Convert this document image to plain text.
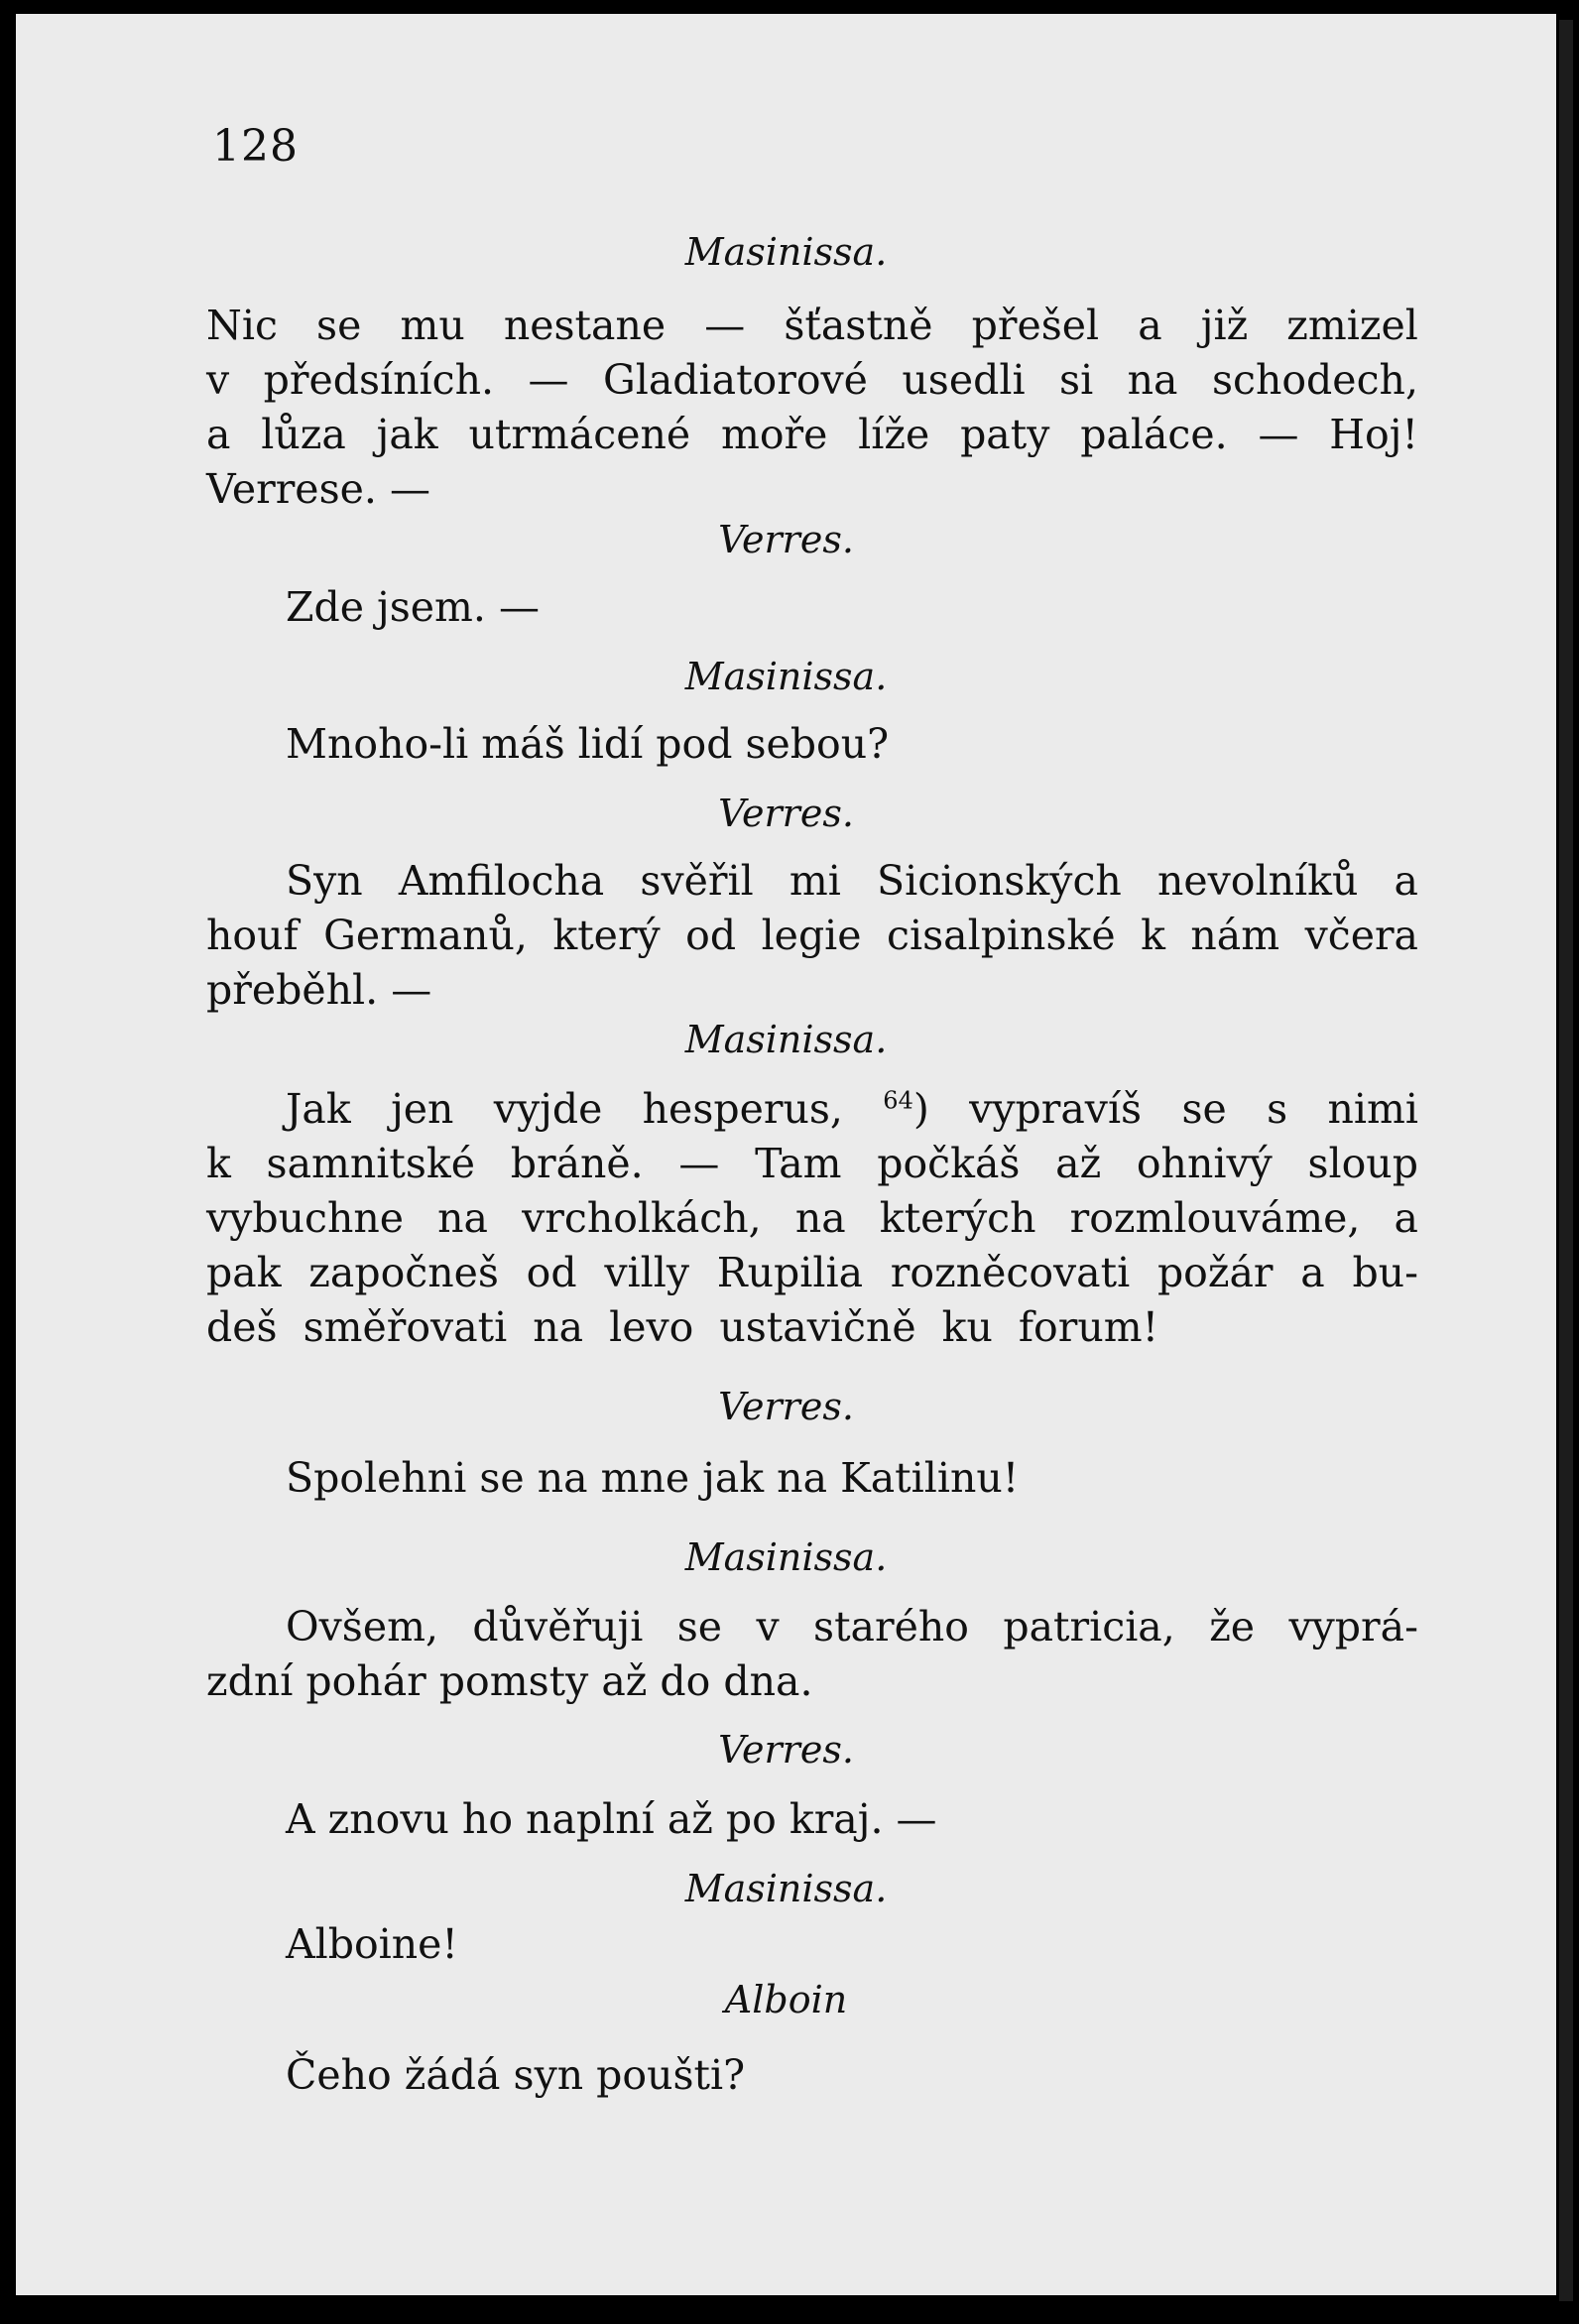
128
Masinissa.
Nic se mu nestane — šťastně přešel a již zmizel
v předsíních. — Gladiatorové usedli si na schodech,
a lůza jak utrmácené moře líže paty paláce. — Hoj!
Verrese. —
Verres.
Zde jsem. —
Masinissa.
Mnoho-li máš lidí pod sebou?
Verres.
Syn Amfilocha svěřil mi Sicionských nevolníků a
houf Germanů, který od legie cisalpinské k nám včera
přeběhl. —
Masinissa.
Jak jen vyjde hesperus, $^{64}$) vypravíš se s nimi
k samnitské bráně. — Tam počkáš až ohnivý sloup
vybuchne na vrcholkách, na kterých rozmlouváme, a
pak započneš od villy Rupilia rozněcovati požár a bu-
deš směřovati na levo ustavičně ku forum!
Verres.
Spolehni se na mne jak na Katilinu!
Masinissa.
Ovšem, důvěřuji se v starého patricia, že vyprá-
zdní pohár pomsty až do dna.
Verres.
A znovu ho naplní až po kraj. —
Masinissa.
Alboine!
Alboin
Čeho žádá syn poušti?
